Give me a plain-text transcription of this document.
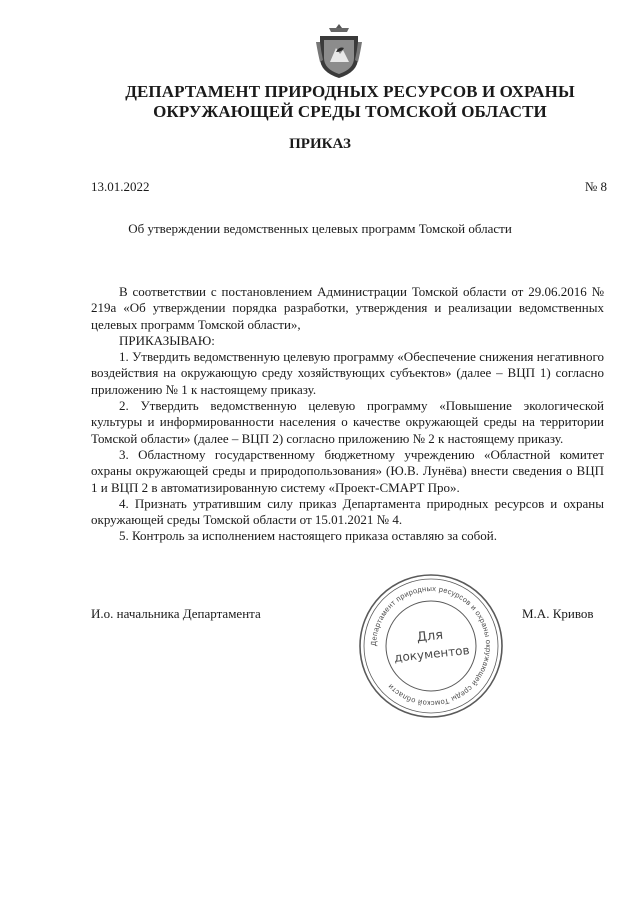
ДЕПАРТАМЕНТ ПРИРОДНЫХ РЕСУРСОВ И ОХРАНЫ
ОКРУЖАЮЩЕЙ СРЕДЫ ТОМСКОЙ ОБЛАСТИ
ПРИКАЗ
13.01.2022	№ 8
Об утверждении ведомственных целевых программ Томской области

В соответствии с постановлением Администрации Томской области от 29.06.2016 № 219а «Об утверждении порядка разработки, утверждения и реализации ведомственных целевых программ Томской области»,

ПРИКАЗЫВАЮ:

1. Утвердить ведомственную целевую программу «Обеспечение снижения негативного воздействия на окружающую среду хозяйствующих субъектов» (далее – ВЦП 1) согласно приложению № 1 к настоящему приказу.

2. Утвердить ведомственную целевую программу «Повышение экологической культуры и информированности населения о качестве окружающей среды на территории Томской области» (далее – ВЦП 2) согласно приложению № 2 к настоящему приказу.

3. Областному государственному бюджетному учреждению «Областной комитет охраны окружающей среды и природопользования» (Ю.В. Лунёва) внести сведения о ВЦП 1 и ВЦП 2 в автоматизированную систему «Проект-СМАРТ Про».

4. Признать утратившим силу приказ Департамента природных ресурсов и охраны окружающей среды Томской области от 15.01.2021 № 4.

5. Контроль за исполнением настоящего приказа оставляю за собой.

И.о. начальника Департамента	М.А. Кривов
Департамент природных ресурсов и охраны окружающей среды Томской области
Для
документов
